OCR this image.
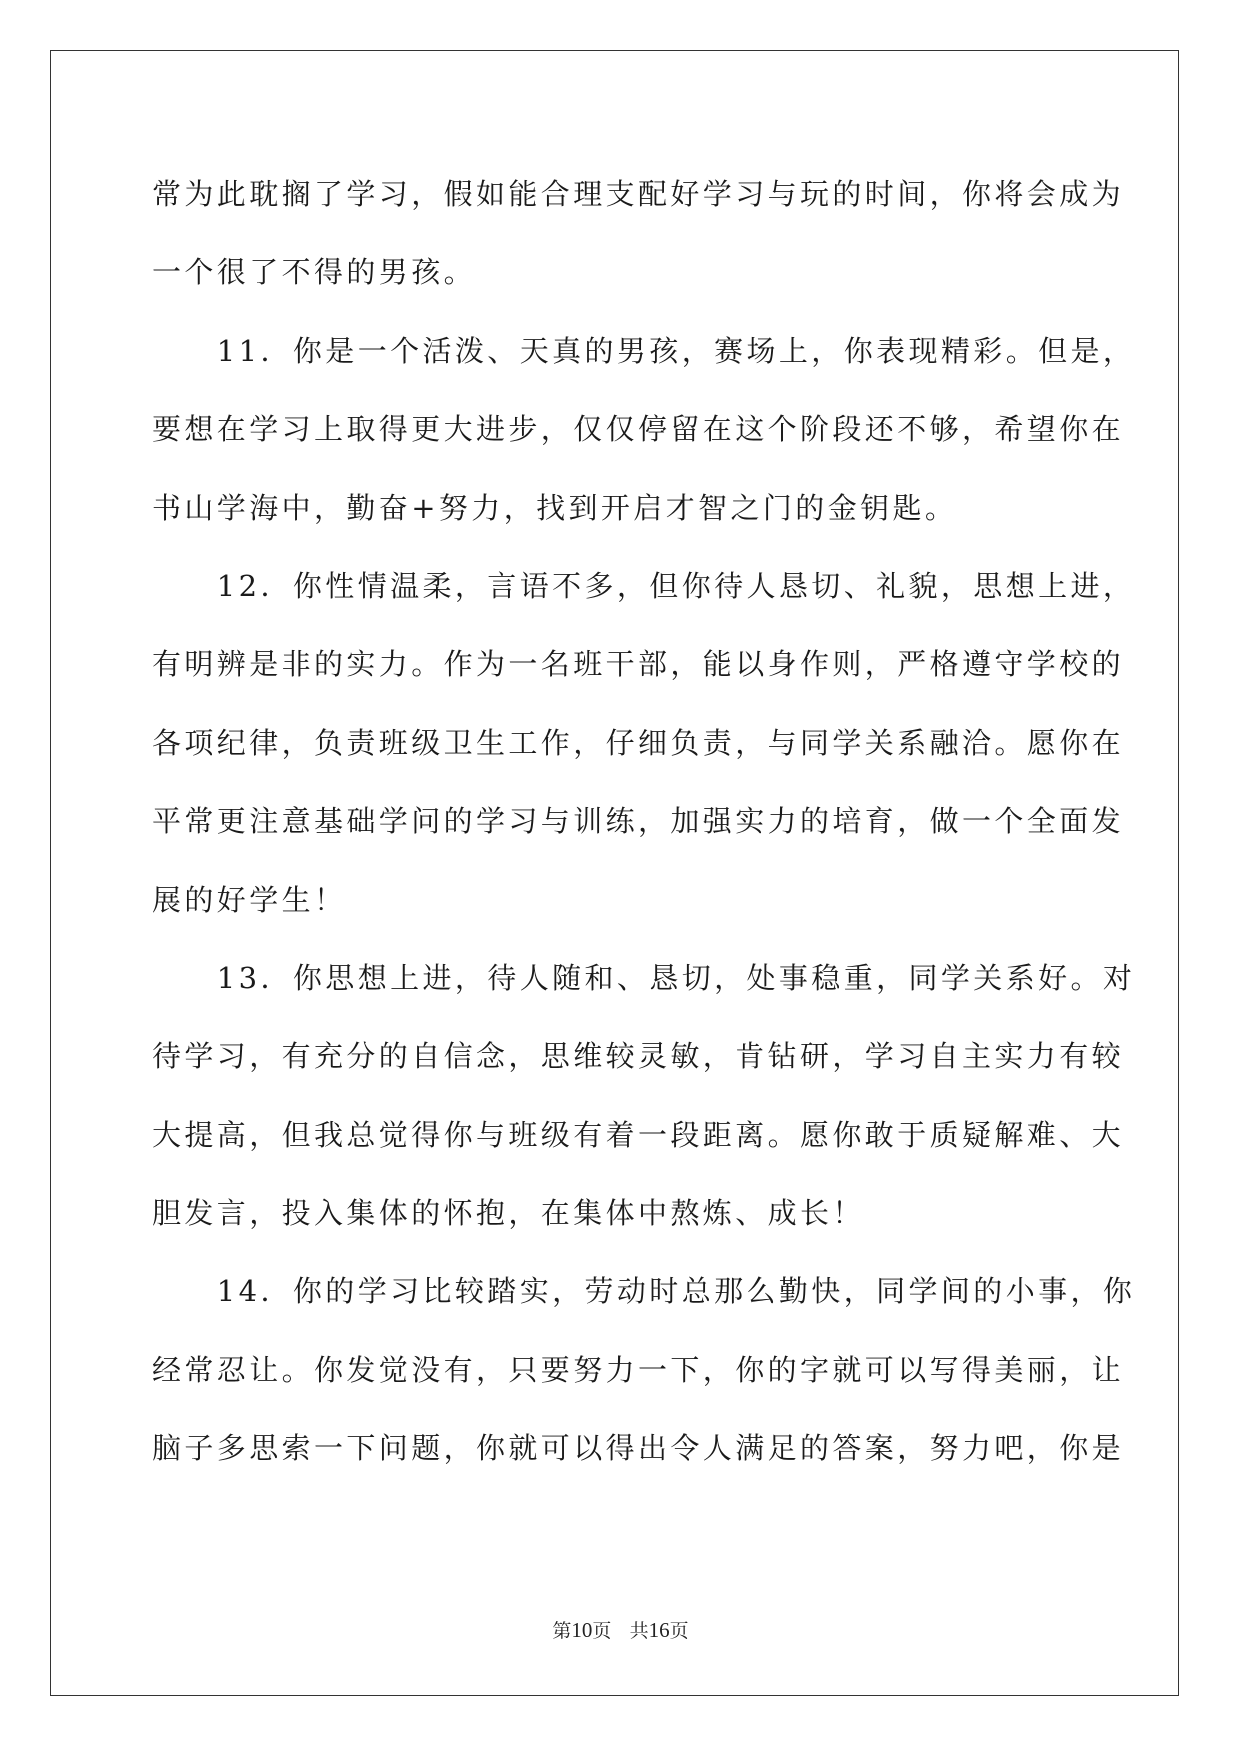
常为此耽搁了学习，假如能合理支配好学习与玩的时间，你将会成为
一个很了不得的男孩。
　　11．你是一个活泼、天真的男孩，赛场上，你表现精彩。但是，
要想在学习上取得更大进步，仅仅停留在这个阶段还不够，希望你在
书山学海中，勤奋+努力，找到开启才智之门的金钥匙。
　　12．你性情温柔，言语不多，但你待人恳切、礼貌，思想上进，
有明辨是非的实力。作为一名班干部，能以身作则，严格遵守学校的
各项纪律，负责班级卫生工作，仔细负责，与同学关系融洽。愿你在
平常更注意基础学问的学习与训练，加强实力的培育，做一个全面发
展的好学生！
　　13．你思想上进，待人随和、恳切，处事稳重，同学关系好。对
待学习，有充分的自信念，思维较灵敏，肯钻研，学习自主实力有较
大提高，但我总觉得你与班级有着一段距离。愿你敢于质疑解难、大
胆发言，投入集体的怀抱，在集体中熬炼、成长！
　　14．你的学习比较踏实，劳动时总那么勤快，同学间的小事，你
经常忍让。你发觉没有，只要努力一下，你的字就可以写得美丽，让
脑子多思索一下问题，你就可以得出令人满足的答案，努力吧，你是
第10页 共16页
